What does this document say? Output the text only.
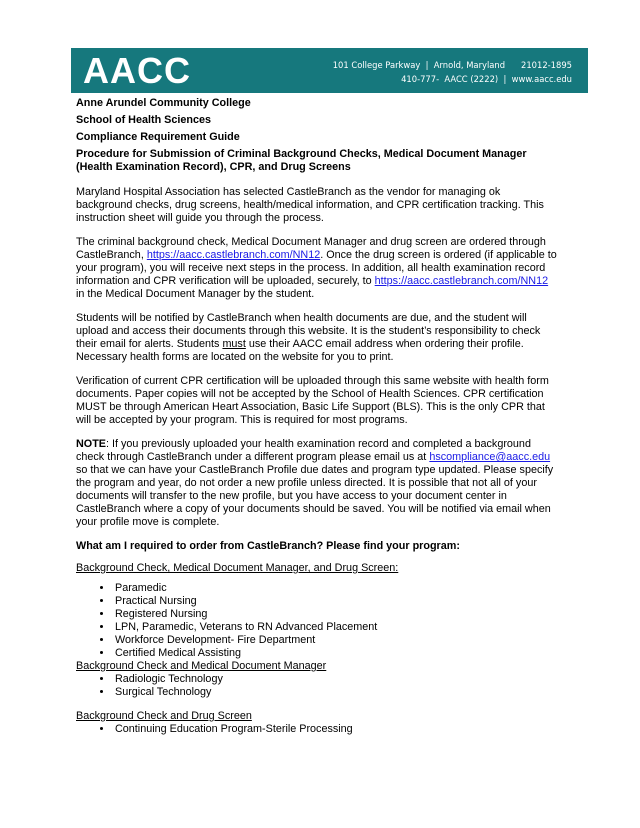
AACC	101 College Parkway  |  Arnold, Maryland      21012-1895
410-777-  AACC (2222)  |  www.aacc.edu
Anne Arundel Community College
School of Health Sciences
Compliance Requirement Guide
Procedure for Submission of Criminal Background Checks, Medical Document Manager (Health Examination Record), CPR, and Drug Screens

Maryland Hospital Association has selected CastleBranch as the vendor for managing ok background checks, drug screens, health/medical information, and CPR certification tracking. This instruction sheet will guide you through the process.

The criminal background check, Medical Document Manager and drug screen are ordered through CastleBranch, https://aacc.castlebranch.com/NN12. Once the drug screen is ordered (if applicable to your program), you will receive next steps in the process. In addition, all health examination record information and CPR verification will be uploaded, securely, to https://aacc.castlebranch.com/NN12 in the Medical Document Manager by the student.

Students will be notified by CastleBranch when health documents are due, and the student will upload and access their documents through this website. It is the student’s responsibility to check their email for alerts. Students must use their AACC email address when ordering their profile. Necessary health forms are located on the website for you to print.

Verification of current CPR certification will be uploaded through this same website with health form documents. Paper copies will not be accepted by the School of Health Sciences. CPR certification MUST be through American Heart Association, Basic Life Support (BLS). This is the only CPR that will be accepted by your program. This is required for most programs.

NOTE: If you previously uploaded your health examination record and completed a background check through CastleBranch under a different program please email us at hscompliance@aacc.edu so that we can have your CastleBranch Profile due dates and program type updated. Please specify the program and year, do not order a new profile unless directed. It is possible that not all of your documents will transfer to the new profile, but you have access to your document center in CastleBranch where a copy of your documents should be saved. You will be notified via email when your profile move is complete.

What am I required to order from CastleBranch? Please find your program:
Background Check, Medical Document Manager, and Drug Screen:
• Paramedic
• Practical Nursing
• Registered Nursing
• LPN, Paramedic, Veterans to RN Advanced Placement
• Workforce Development- Fire Department
• Certified Medical Assisting
Background Check and Medical Document Manager
• Radiologic Technology
• Surgical Technology
Background Check and Drug Screen
• Continuing Education Program-Sterile Processing
